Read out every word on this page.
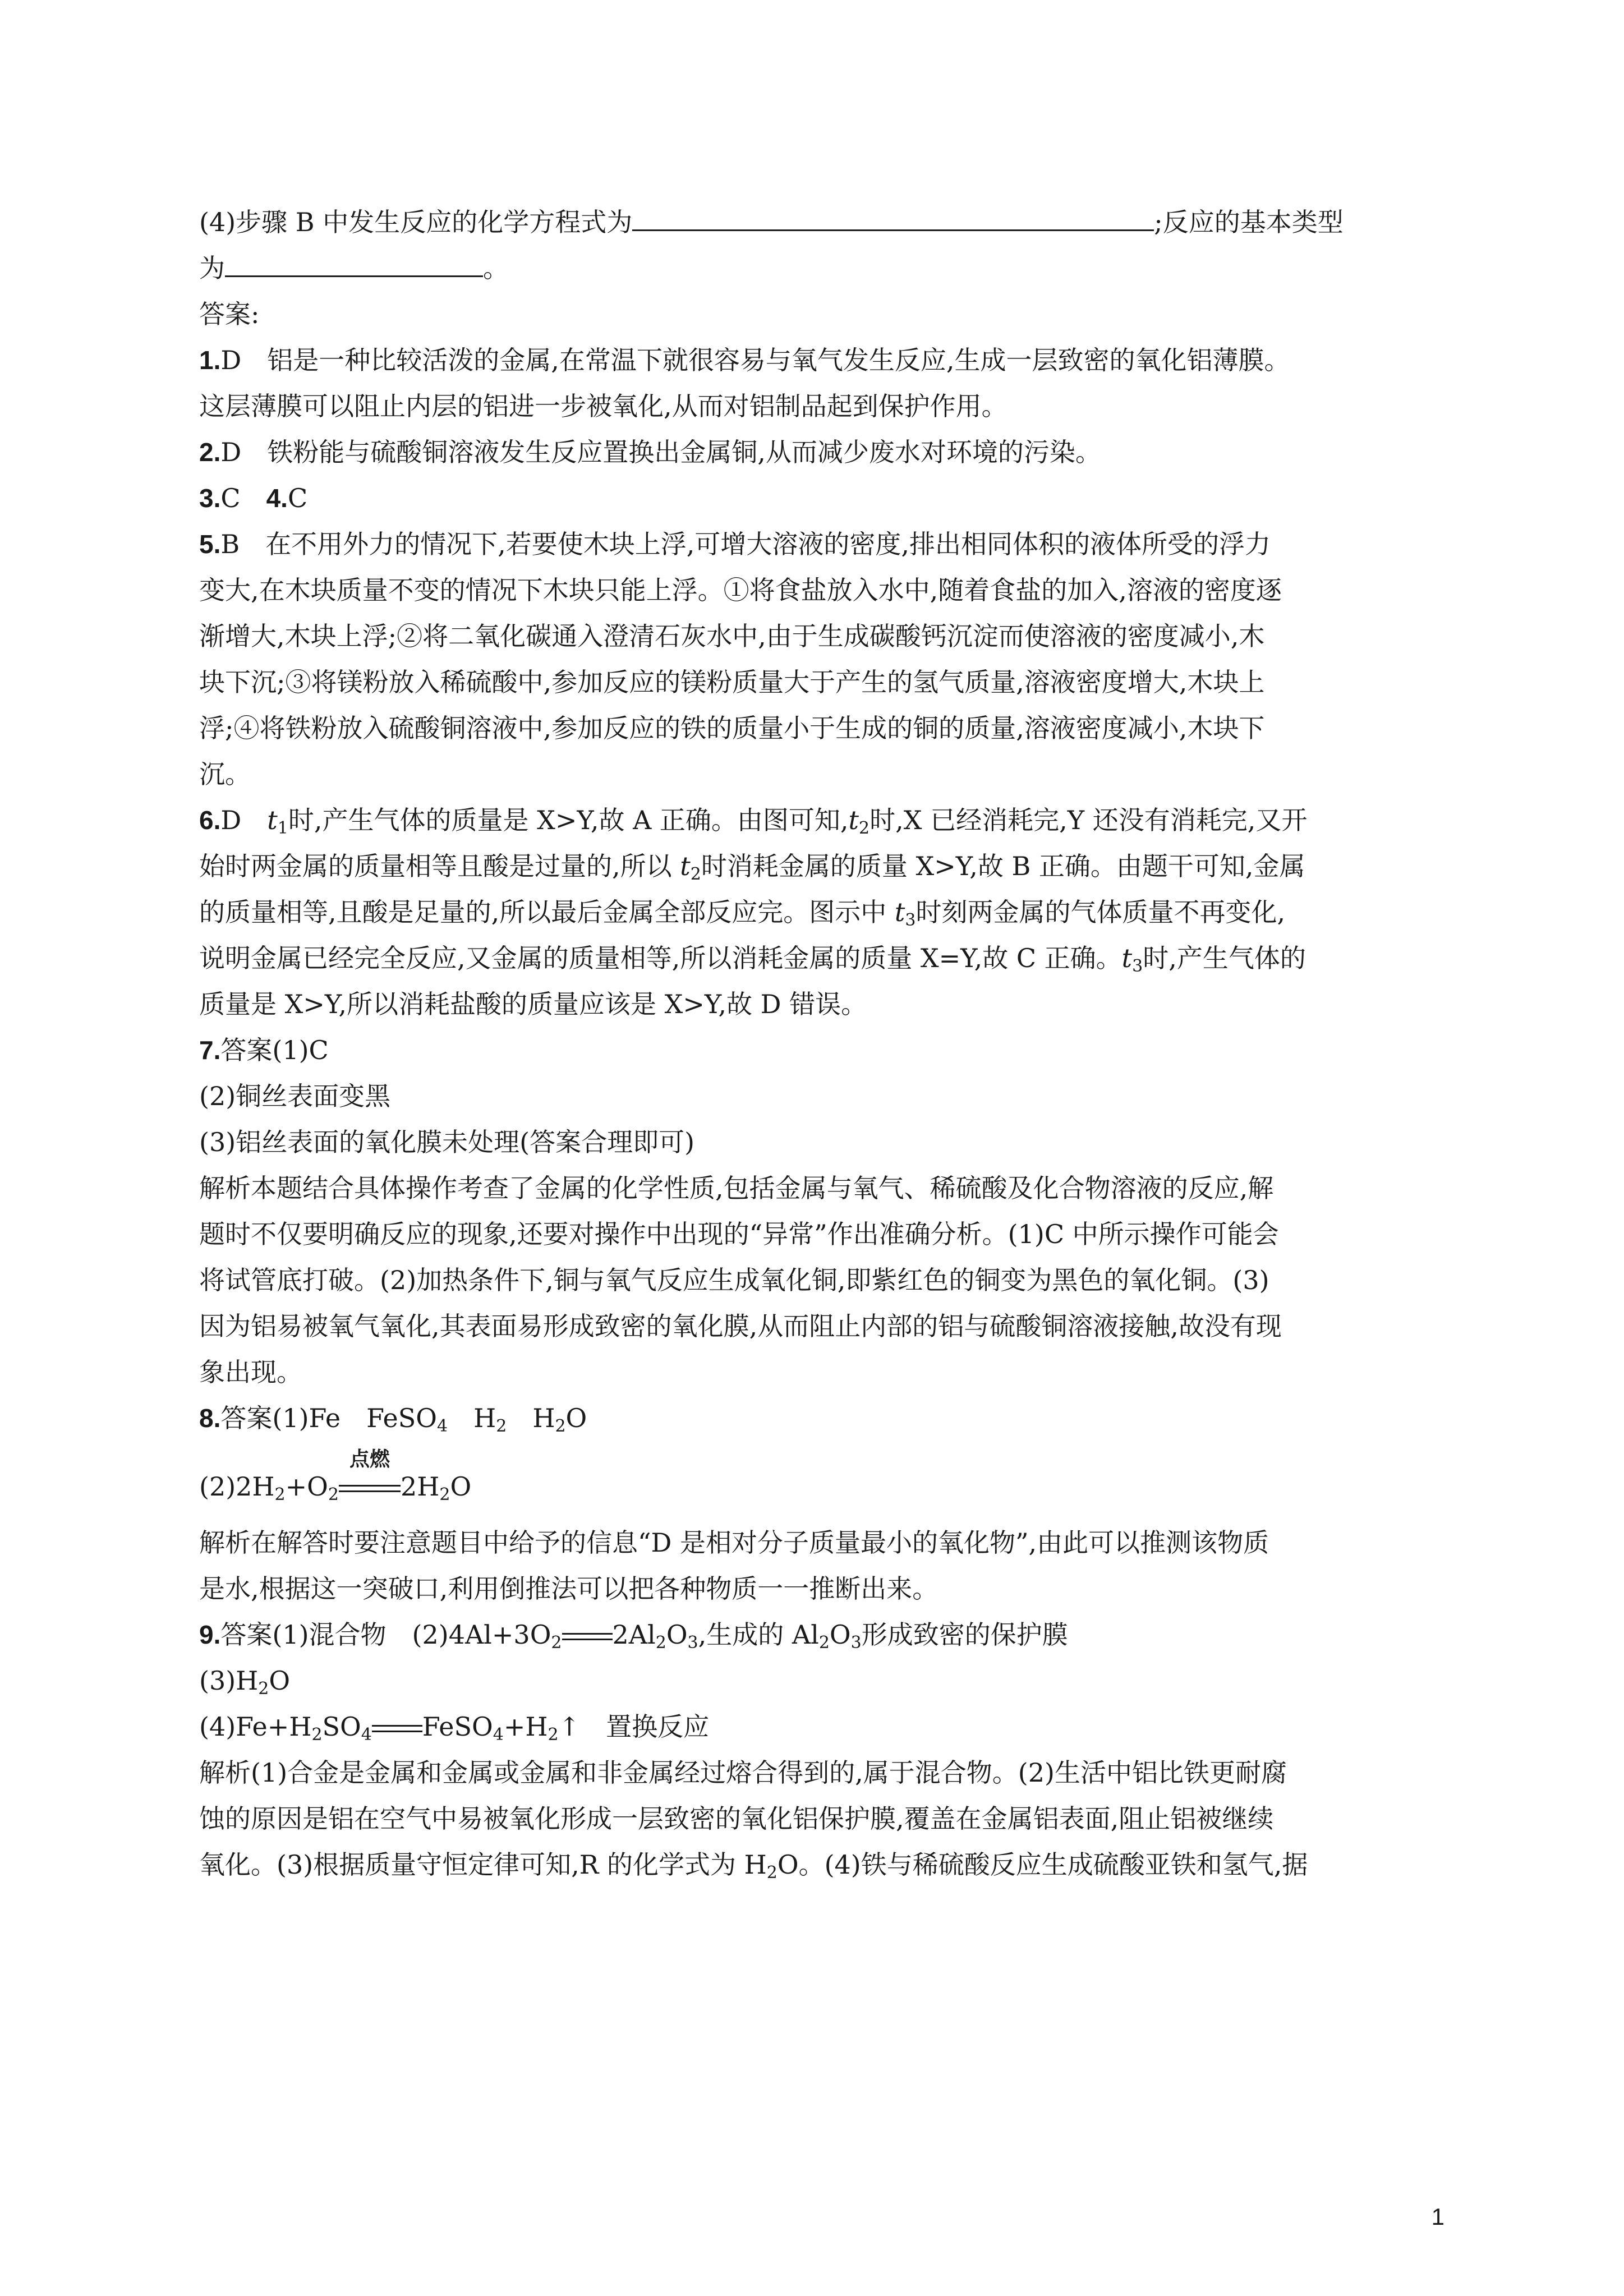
(4)步骤 B 中发生反应的化学方程式为	;反应的基本类型
为	。
答案:
1.D　铝是一种比较活泼的金属,在常温下就很容易与氧气发生反应,生成一层致密的氧化铝薄膜。
这层薄膜可以阻止内层的铝进一步被氧化,从而对铝制品起到保护作用。
2.D　铁粉能与硫酸铜溶液发生反应置换出金属铜,从而减少废水对环境的污染。
3.C　4.C
5.B　在不用外力的情况下,若要使木块上浮,可增大溶液的密度,排出相同体积的液体所受的浮力
变大,在木块质量不变的情况下木块只能上浮。①将食盐放入水中,随着食盐的加入,溶液的密度逐
渐增大,木块上浮;②将二氧化碳通入澄清石灰水中,由于生成碳酸钙沉淀而使溶液的密度减小,木
块下沉;③将镁粉放入稀硫酸中,参加反应的镁粉质量大于产生的氢气质量,溶液密度增大,木块上
浮;④将铁粉放入硫酸铜溶液中,参加反应的铁的质量小于生成的铜的质量,溶液密度减小,木块下
沉。
6.D　$t_1$时,产生气体的质量是 X>Y,故 A 正确。由图可知$,t_2$时,X 已经消耗完,Y 还没有消耗完,又开
始时两金属的质量相等且酸是过量的,所以 $t_2$时消耗金属的质量 X>Y,故 B 正确。由题干可知,金属
的质量相等,且酸是足量的,所以最后金属全部反应完。图示中 $t_3$时刻两金属的气体质量不再变化,
说明金属已经完全反应,又金属的质量相等,所以消耗金属的质量 X=Y,故 C 正确。$t_3$时,产生气体的
质量是 X>Y,所以消耗盐酸的质量应该是 X>Y,故 D 错误。
7.答案(1)C
(2)铜丝表面变黑
(3)铝丝表面的氧化膜未处理(答案合理即可)
解析本题结合具体操作考查了金属的化学性质,包括金属与氧气、稀硫酸及化合物溶液的反应,解
题时不仅要明确反应的现象,还要对操作中出现的“异常”作出准确分析。(1)C 中所示操作可能会
将试管底打破。(2)加热条件下,铜与氧气反应生成氧化铜,即紫红色的铜变为黑色的氧化铜。(3)
因为铝易被氧气氧化,其表面易形成致密的氧化膜,从而阻止内部的铝与硫酸铜溶液接触,故没有现
象出现。
8.答案(1)Fe　FeSO$_4$　$H_2$　$H_2O$
$(2)2H_2+O_2$
点燃
$2H_2O$
解析在解答时要注意题目中给予的信息“D 是相对分子质量最小的氧化物”,由此可以推测该物质
是水,根据这一突破口,利用倒推法可以把各种物质一一推断出来。
9.答案(1)混合物　$(2)4Al+3O_2$ $2Al_2O_3$,生成的 $Al_2O_3$形成致密的保护膜
$(3)H_2O$
$(4)Fe+H_2SO_4$ $FeSO_4+H_2↑$　置换反应
解析(1)合金是金属和金属或金属和非金属经过熔合得到的,属于混合物。(2)生活中铝比铁更耐腐
蚀的原因是铝在空气中易被氧化形成一层致密的氧化铝保护膜,覆盖在金属铝表面,阻止铝被继续
氧化。(3)根据质量守恒定律可知,R 的化学式为 $H_2O$。(4)铁与稀硫酸反应生成硫酸亚铁和氢气,据
1
